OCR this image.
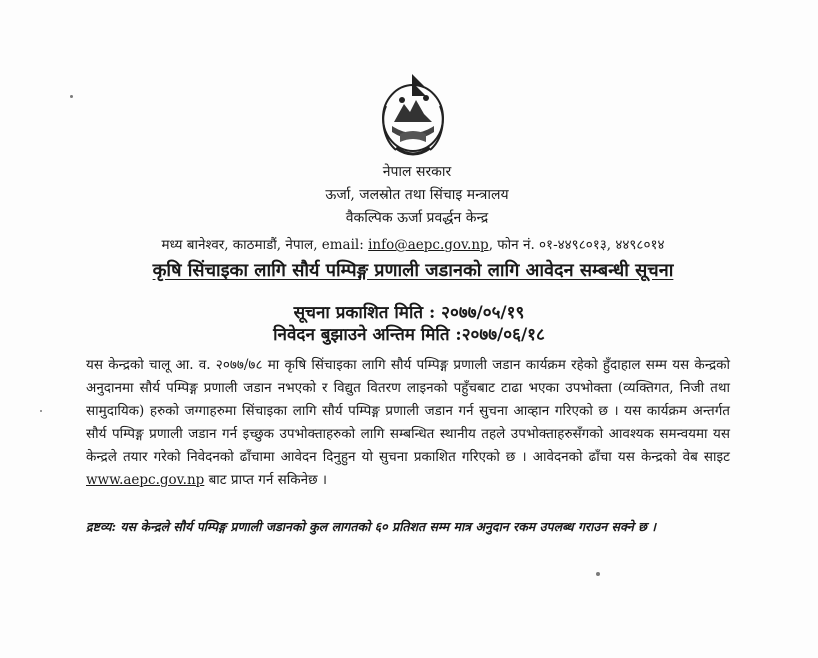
नेपाल सरकार
ऊर्जा, जलस्रोत तथा सिंचाइ मन्त्रालय
वैकल्पिक ऊर्जा प्रवर्द्धन केन्द्र
मध्य बानेश्वर, काठमाडौं, नेपाल, email: info@aepc.gov.np, फोन नं. ०१-४४९८०१३, ४४९८०१४
कृषि सिंचाइका लागि सौर्य पम्पिङ्ग प्रणाली जडानको लागि आवेदन सम्बन्धी सूचना
सूचना प्रकाशित मिति : २०७७/०५/१९
निवेदन बुझाउने अन्तिम मिति :२०७७/०६/१८
यस केन्द्रको चालू आ. व. २०७७/७८ मा कृषि सिंचाइका लागि सौर्य पम्पिङ्ग प्रणाली जडान कार्यक्रम रहेको हुँदाहाल सम्म यस केन्द्रको अनुदानमा सौर्य पम्पिङ्ग प्रणाली जडान नभएको र विद्युत वितरण लाइनको पहुँचबाट टाढा भएका उपभोक्ता (व्यक्तिगत, निजी तथा सामुदायिक) हरुको जग्गाहरुमा सिंचाइका लागि सौर्य पम्पिङ्ग प्रणाली जडान गर्न सुचना आव्हान गरिएको छ । यस कार्यक्रम अन्तर्गत सौर्य पम्पिङ्ग प्रणाली जडान गर्न इच्छुक उपभोक्ताहरुको लागि सम्बन्धित स्थानीय तहले उपभोक्ताहरुसँगको आवश्यक समन्वयमा यस केन्द्रले तयार गरेको निवेदनको ढाँचामा आवेदन दिनुहुन यो सुचना प्रकाशित गरिएको छ । आवेदनको ढाँचा यस केन्द्रको वेब साइट www.aepc.gov.np बाट प्राप्त गर्न सकिनेछ ।
द्रष्टव्य: यस केन्द्रले सौर्य पम्पिङ्ग प्रणाली जडानको कुल लागतको ६० प्रतिशत सम्म मात्र अनुदान रकम उपलब्ध गराउन सक्ने छ ।
